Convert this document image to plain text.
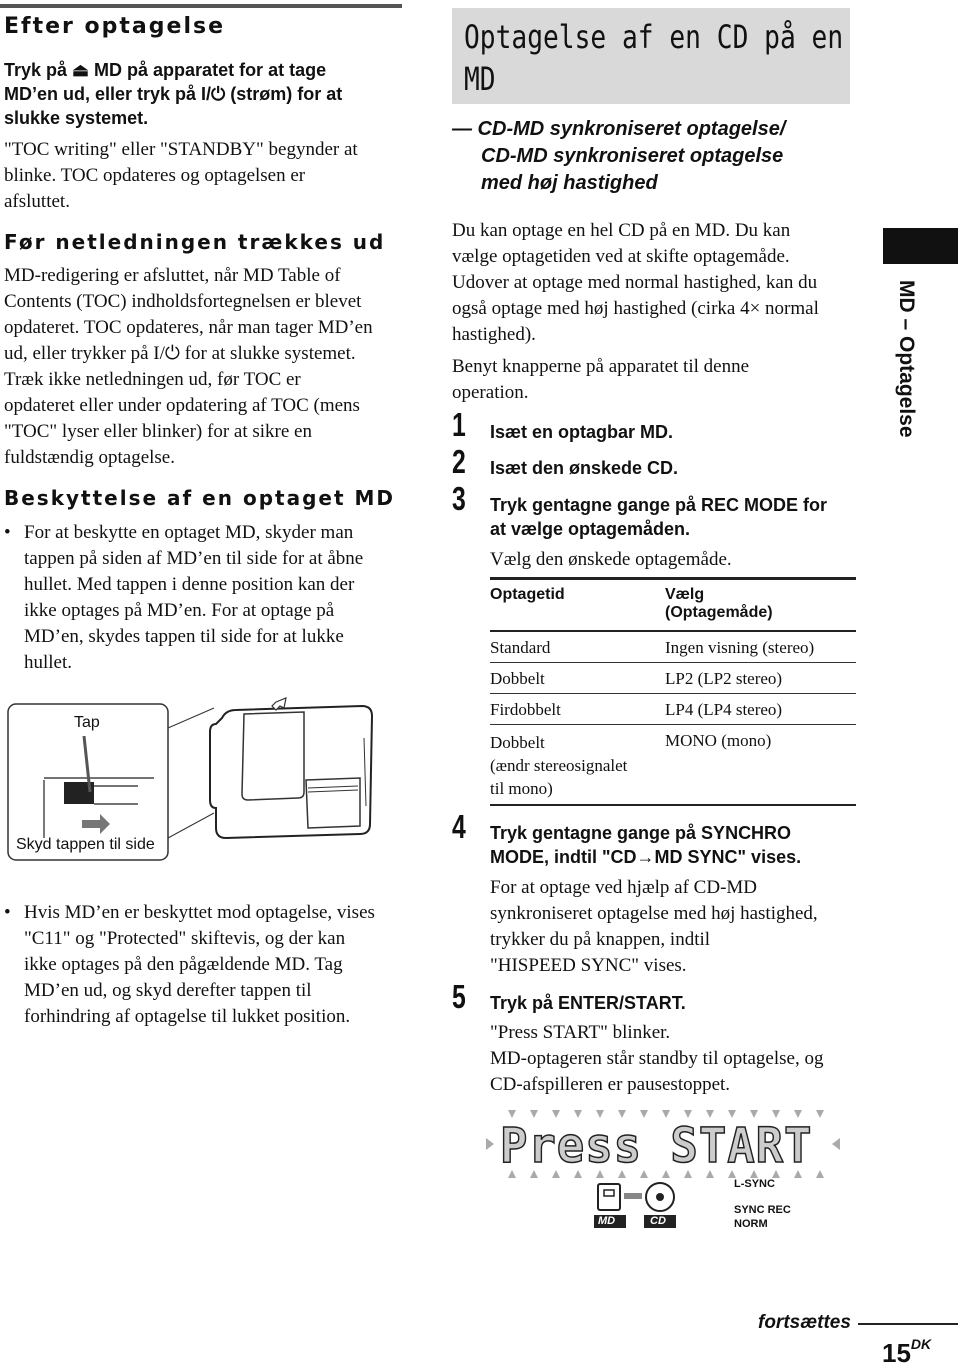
Efter optagelse
Tryk på ⏏ MD på apparatet for at tage
MD’en ud, eller tryk på I/⏻ (strøm) for at
slukke systemet.
"TOC writing" eller "STANDBY" begynder at
blinke. TOC opdateres og optagelsen er
afsluttet.
Før netledningen trækkes ud
MD-redigering er afsluttet, når MD Table of
Contents (TOC) indholdsfortegnelsen er blevet
opdateret. TOC opdateres, når man tager MD’en
ud, eller trykker på I/⏻ for at slukke systemet.
Træk ikke netledningen ud, før TOC er
opdateret eller under opdatering af TOC (mens
"TOC" lyser eller blinker) for at sikre en
fuldstændig optagelse.
Beskyttelse af en optaget MD
• For at beskytte en optaget MD, skyder man
tappen på siden af MD’en til side for at åbne
hullet. Med tappen i denne position kan der
ikke optages på MD’en. For at optage på
MD’en, skydes tappen til side for at lukke
hullet.
Tap
Skyd tappen til side
• Hvis MD’en er beskyttet mod optagelse, vises
"C11" og "Protected" skiftevis, og der kan
ikke optages på den pågældende MD. Tag
MD’en ud, og skyd derefter tappen til
forhindring af optagelse til lukket position.
Optagelse af en CD på en
MD
— CD-MD synkroniseret optagelse/
CD-MD synkroniseret optagelse
med høj hastighed
Du kan optage en hel CD på en MD. Du kan
vælge optagetiden ved at skifte optagemåde.
Udover at optage med normal hastighed, kan du
også optage med høj hastighed (cirka 4× normal
hastighed).
Benyt knapperne på apparatet til denne
operation.
1 Isæt en optagbar MD.
2 Isæt den ønskede CD.
3 Tryk gentagne gange på REC MODE for
at vælge optagemåden.
Vælg den ønskede optagemåde.
Optagetid	Vælg
(Optagemåde)

Standard	Ingen visning (stereo)
Dobbelt	LP2 (LP2 stereo)
Firdobbelt	LP4 (LP4 stereo)

Dobbelt
(ændr stereosignalet
til mono)	MONO (mono)
4 Tryk gentagne gange på SYNCHRO
MODE, indtil "CD→MD SYNC" vises.
For at optage ved hjælp af CD-MD
synkroniseret optagelse med høj hastighed,
trykker du på knappen, indtil
"HISPEED SYNC" vises.
5 Tryk på ENTER/START.
"Press START" blinker.
MD-optageren står standby til optagelse, og
CD-afspilleren er pausestoppet.
Press START
L-SYNC
SYNC REC
NORM
MD	CD
MD – Optagelse
fortsættes
$15^{DK}$
